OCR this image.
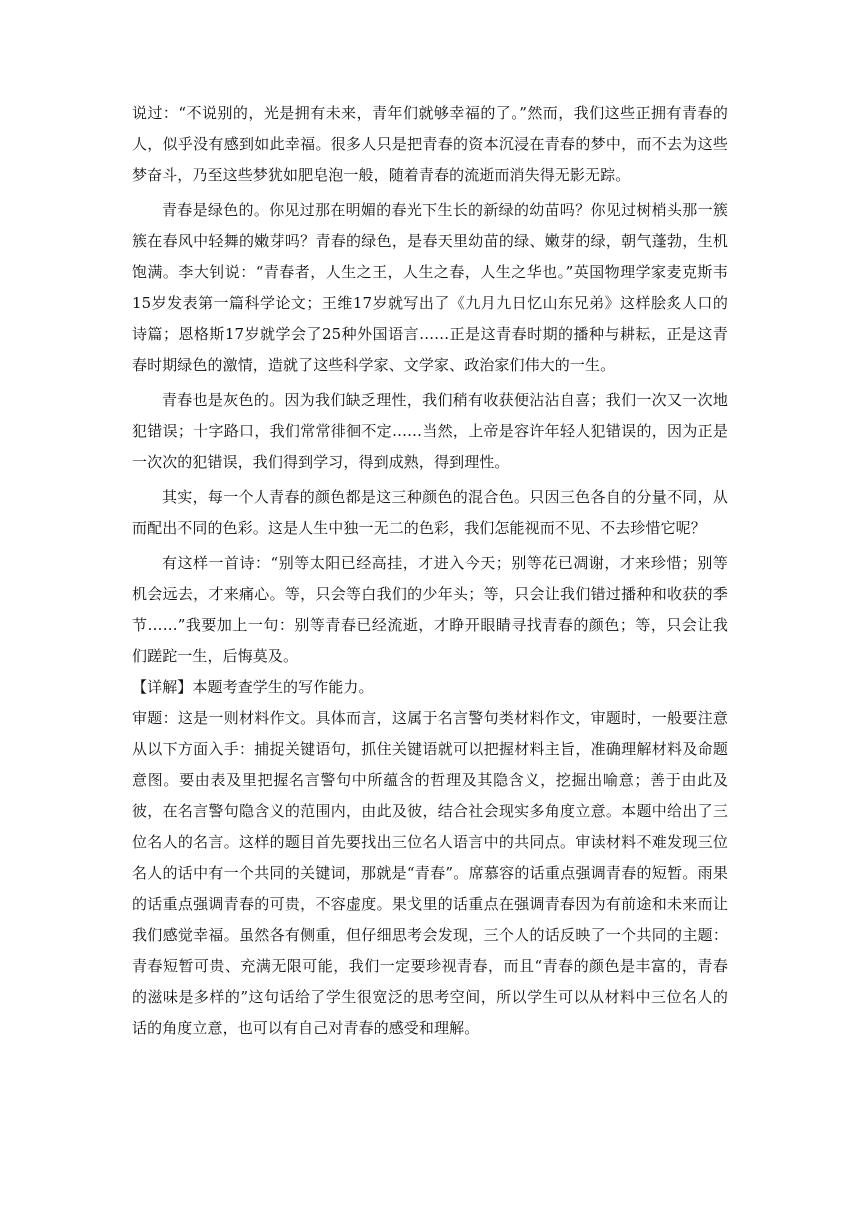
说过：“不说别的，光是拥有未来，青年们就够幸福的了。”然而，我们这些正拥有青春的人，似乎没有感到如此幸福。很多人只是把青春的资本沉浸在青春的梦中，而不去为这些梦奋斗，乃至这些梦犹如肥皂泡一般，随着青春的流逝而消失得无影无踪。

青春是绿色的。你见过那在明媚的春光下生长的新绿的幼苗吗？你见过树梢头那一簇簇在春风中轻舞的嫩芽吗？青春的绿色，是春天里幼苗的绿、嫩芽的绿，朝气蓬勃，生机饱满。李大钊说：“青春者，人生之王，人生之春，人生之华也。”英国物理学家麦克斯韦15岁发表第一篇科学论文；王维17岁就写出了《九月九日忆山东兄弟》这样脍炙人口的诗篇；恩格斯17岁就学会了25种外国语言……正是这青春时期的播种与耕耘，正是这青春时期绿色的激情，造就了这些科学家、文学家、政治家们伟大的一生。

青春也是灰色的。因为我们缺乏理性，我们稍有收获便沾沾自喜；我们一次又一次地犯错误；十字路口，我们常常徘徊不定……当然，上帝是容许年轻人犯错误的，因为正是一次次的犯错误，我们得到学习，得到成熟，得到理性。

其实，每一个人青春的颜色都是这三种颜色的混合色。只因三色各自的分量不同，从而配出不同的色彩。这是人生中独一无二的色彩，我们怎能视而不见、不去珍惜它呢？

有这样一首诗：“别等太阳已经高挂，才进入今天；别等花已凋谢，才来珍惜；别等机会远去，才来痛心。等，只会等白我们的少年头；等，只会让我们错过播种和收获的季节……”我要加上一句：别等青春已经流逝，才睁开眼睛寻找青春的颜色；等，只会让我们蹉跎一生，后悔莫及。

【详解】本题考查学生的写作能力。

审题：这是一则材料作文。具体而言，这属于名言警句类材料作文，审题时，一般要注意从以下方面入手：捕捉关键语句，抓住关键语就可以把握材料主旨，准确理解材料及命题意图。要由表及里把握名言警句中所蕴含的哲理及其隐含义，挖掘出喻意；善于由此及彼，在名言警句隐含义的范围内，由此及彼，结合社会现实多角度立意。本题中给出了三位名人的名言。这样的题目首先要找出三位名人语言中的共同点。审读材料不难发现三位名人的话中有一个共同的关键词，那就是“青春”。席慕容的话重点强调青春的短暂。雨果的话重点强调青春的可贵，不容虚度。果戈里的话重点在强调青春因为有前途和未来而让我们感觉幸福。虽然各有侧重，但仔细思考会发现，三个人的话反映了一个共同的主题：青春短暂可贵、充满无限可能，我们一定要珍视青春，而且“青春的颜色是丰富的，青春的滋味是多样的”这句话给了学生很宽泛的思考空间，所以学生可以从材料中三位名人的话的角度立意，也可以有自己对青春的感受和理解。
